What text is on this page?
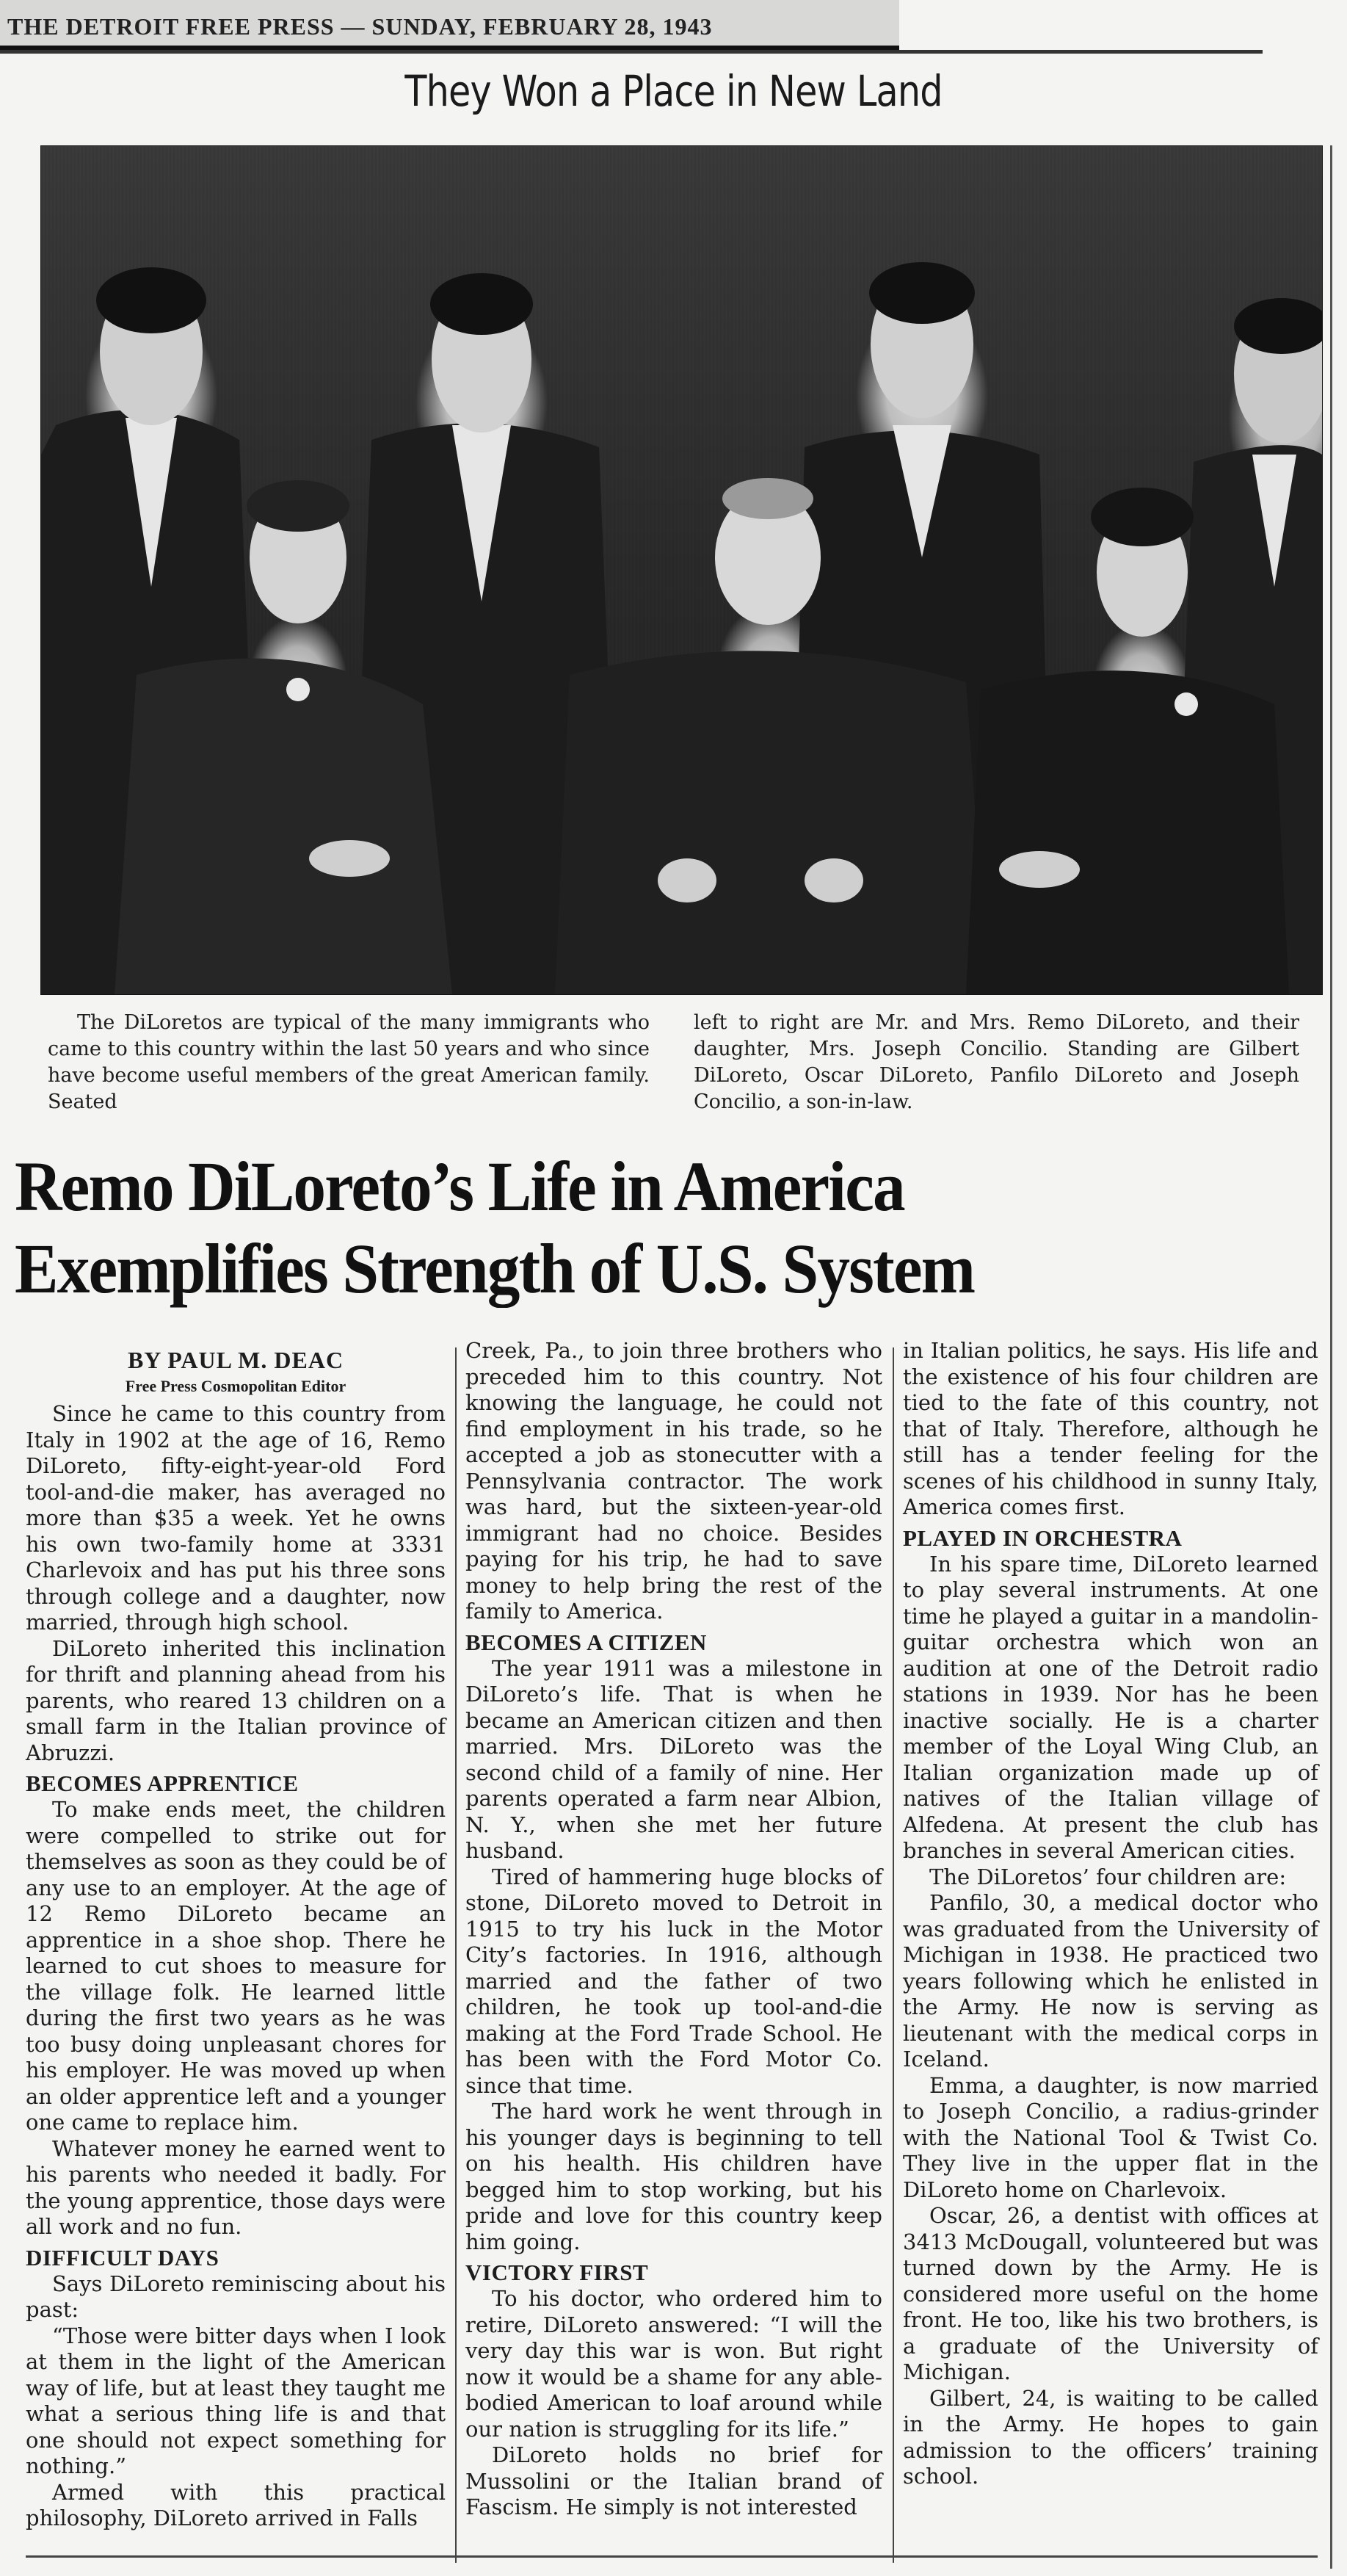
THE DETROIT FREE PRESS — SUNDAY, FEBRUARY 28, 1943
They Won a Place in New Land
The DiLoretos are typical of the many immigrants who came to this country within the last 50 years and who since have become useful members of the great American family. Seated
left to right are Mr. and Mrs. Remo DiLoreto, and their daughter, Mrs. Joseph Concilio. Standing are Gilbert DiLoreto, Oscar DiLoreto, Panfilo DiLoreto and Joseph Concilio, a son-in-law.
Remo DiLoreto’s Life in America
Exemplifies Strength of U.S. System
BY PAUL M. DEAC
Free Press Cosmopolitan Editor

Since he came to this country from Italy in 1902 at the age of 16, Remo DiLoreto, fifty-eight-year-old Ford tool-and-die maker, has averaged no more than $35 a week. Yet he owns his own two-family home at 3331 Charlevoix and has put his three sons through college and a daughter, now married, through high school.

DiLoreto inherited this inclination for thrift and planning ahead from his parents, who reared 13 children on a small farm in the Italian province of Abruzzi.

BECOMES APPRENTICE

To make ends meet, the children were compelled to strike out for themselves as soon as they could be of any use to an employer. At the age of 12 Remo DiLoreto became an apprentice in a shoe shop. There he learned to cut shoes to measure for the village folk. He learned little during the first two years as he was too busy doing unpleasant chores for his employer. He was moved up when an older apprentice left and a younger one came to replace him.

Whatever money he earned went to his parents who needed it badly. For the young apprentice, those days were all work and no fun.

DIFFICULT DAYS

Says DiLoreto reminiscing about his past:

“Those were bitter days when I look at them in the light of the American way of life, but at least they taught me what a serious thing life is and that one should not expect something for nothing.”

Armed with this practical philosophy, DiLoreto arrived in Falls

Creek, Pa., to join three brothers who preceded him to this country. Not knowing the language, he could not find employment in his trade, so he accepted a job as stonecutter with a Pennsylvania contractor. The work was hard, but the sixteen-year-old immigrant had no choice. Besides paying for his trip, he had to save money to help bring the rest of the family to America.

BECOMES A CITIZEN

The year 1911 was a milestone in DiLoreto’s life. That is when he became an American citizen and then married. Mrs. DiLoreto was the second child of a family of nine. Her parents operated a farm near Albion, N. Y., when she met her future husband.

Tired of hammering huge blocks of stone, DiLoreto moved to Detroit in 1915 to try his luck in the Motor City’s factories. In 1916, although married and the father of two children, he took up tool-and-die making at the Ford Trade School. He has been with the Ford Motor Co. since that time.

The hard work he went through in his younger days is beginning to tell on his health. His children have begged him to stop working, but his pride and love for this country keep him going.

VICTORY FIRST

To his doctor, who ordered him to retire, DiLoreto answered: “I will the very day this war is won. But right now it would be a shame for any able-bodied American to loaf around while our nation is struggling for its life.”

DiLoreto holds no brief for Mussolini or the Italian brand of Fascism. He simply is not interested

in Italian politics, he says. His life and the existence of his four children are tied to the fate of this country, not that of Italy. Therefore, although he still has a tender feeling for the scenes of his childhood in sunny Italy, America comes first.

PLAYED IN ORCHESTRA

In his spare time, DiLoreto learned to play several instruments. At one time he played a guitar in a mandolin-guitar orchestra which won an audition at one of the Detroit radio stations in 1939. Nor has he been inactive socially. He is a charter member of the Loyal Wing Club, an Italian organization made up of natives of the Italian village of Alfedena. At present the club has branches in several American cities.

The DiLoretos’ four children are:

Panfilo, 30, a medical doctor who was graduated from the University of Michigan in 1938. He practiced two years following which he enlisted in the Army. He now is serving as lieutenant with the medical corps in Iceland.

Emma, a daughter, is now married to Joseph Concilio, a radius-grinder with the National Tool & Twist Co. They live in the upper flat in the DiLoreto home on Charlevoix.

Oscar, 26, a dentist with offices at 3413 McDougall, volunteered but was turned down by the Army. He is considered more useful on the home front. He too, like his two brothers, is a graduate of the University of Michigan.

Gilbert, 24, is waiting to be called in the Army. He hopes to gain admission to the officers’ training school.
